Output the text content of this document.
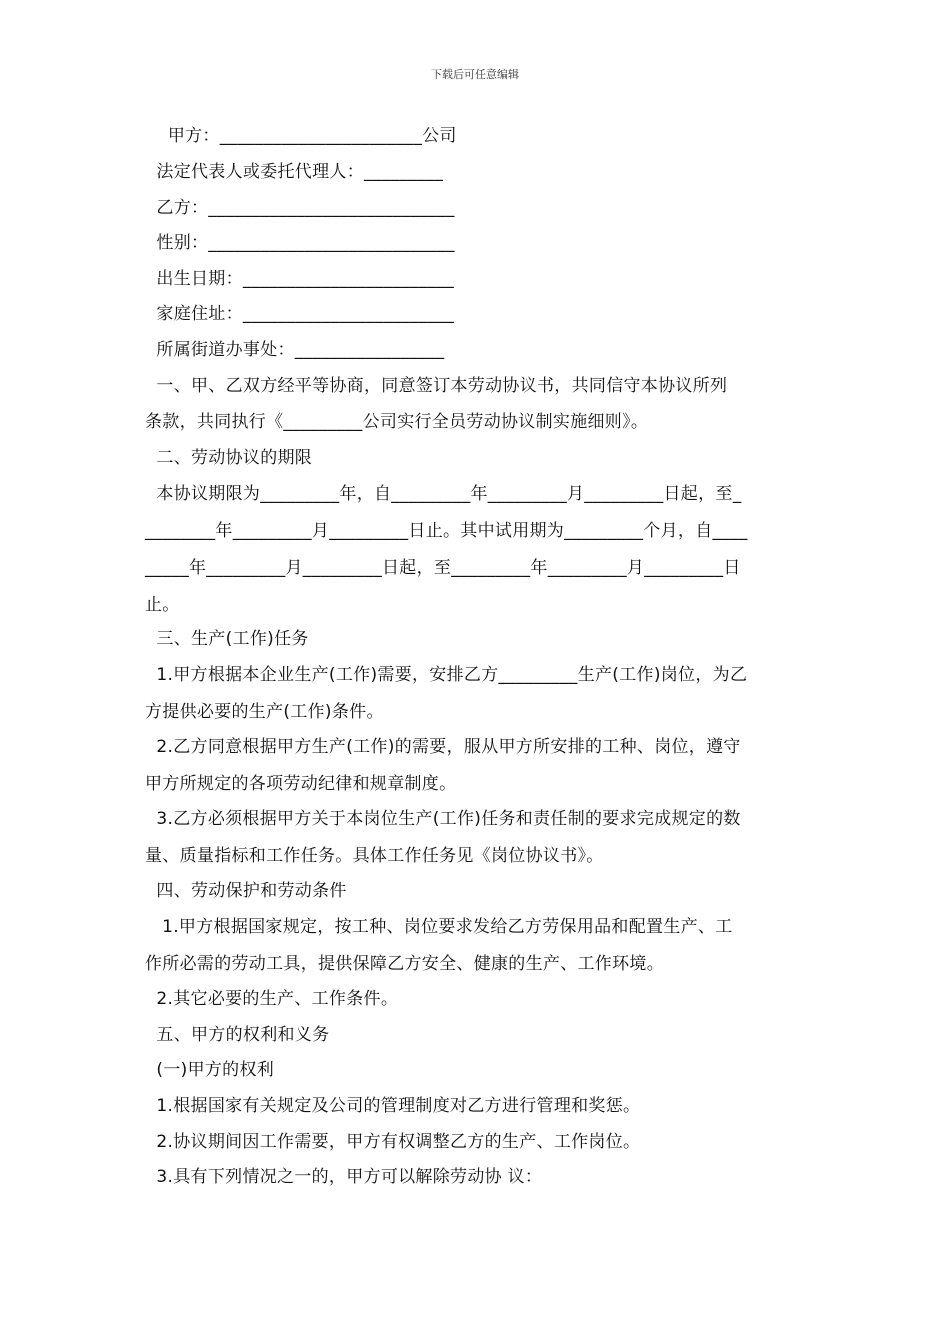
下载后可任意编辑
甲方：_______________________公司
法定代表人或委托代理人：_________
乙方：____________________________
性别：____________________________
出生日期：________________________
家庭住址：________________________
所属街道办事处：_________________
一、甲、乙双方经平等协商，同意签订本劳动协议书，共同信守本协议所列
条款，共同执行《_________公司实行全员劳动协议制实施细则》。
二、劳动协议的期限
本协议期限为_________年，自_________年_________月_________日起，至_
________年_________月_________日止。其中试用期为_________个月，自____
_____年_________月_________日起，至_________年_________月_________日
止。
三、生产(工作)任务
1.甲方根据本企业生产(工作)需要，安排乙方_________生产(工作)岗位，为乙
方提供必要的生产(工作)条件。
2.乙方同意根据甲方生产(工作)的需要，服从甲方所安排的工种、岗位，遵守
甲方所规定的各项劳动纪律和规章制度。
3.乙方必须根据甲方关于本岗位生产(工作)任务和责任制的要求完成规定的数
量、质量指标和工作任务。具体工作任务见《岗位协议书》。
四、劳动保护和劳动条件
1.甲方根据国家规定，按工种、岗位要求发给乙方劳保用品和配置生产、工
作所必需的劳动工具，提供保障乙方安全、健康的生产、工作环境。
2.其它必要的生产、工作条件。
五、甲方的权利和义务
(一)甲方的权利
1.根据国家有关规定及公司的管理制度对乙方进行管理和奖惩。
2.协议期间因工作需要，甲方有权调整乙方的生产、工作岗位。
3.具有下列情况之一的，甲方可以解除劳动协 议：
